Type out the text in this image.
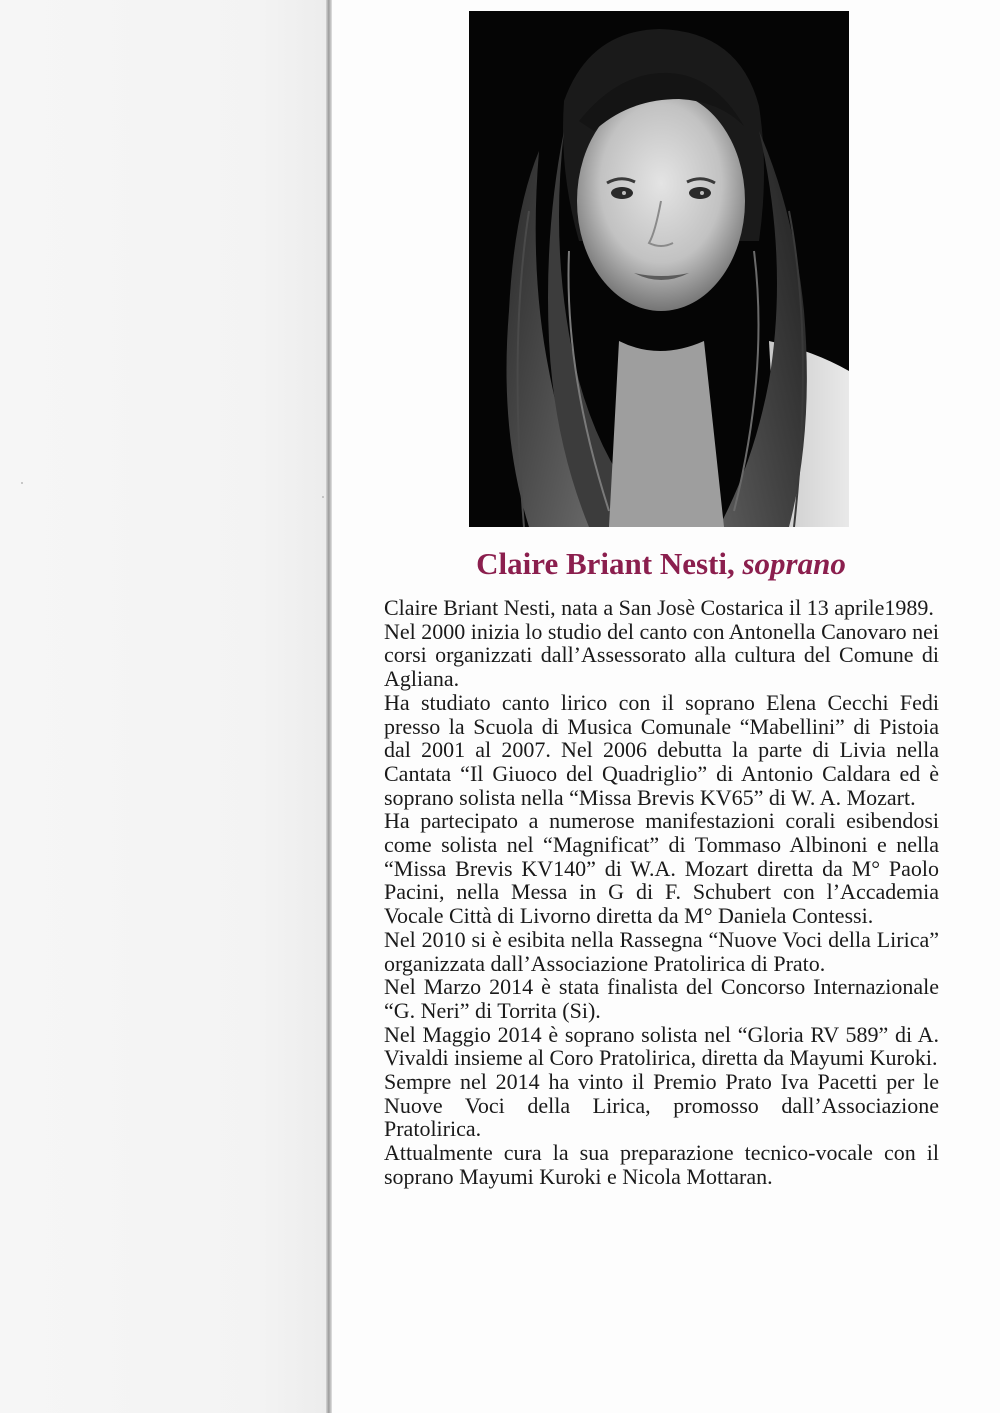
Claire Briant Nesti, soprano

Claire Briant Nesti, nata a San Josè Costarica il 13 aprile1989.

Nel 2000 inizia lo studio del canto con Antonella Canovaro nei corsi organizzati dall’Assessorato alla cultura del Comune di Agliana.

Ha studiato canto lirico con il soprano Elena Cecchi Fedi presso la Scuola di Musica Comunale “Mabellini” di Pistoia dal 2001 al 2007. Nel 2006 debutta la parte di Livia nella Cantata “Il Giuoco del Quadriglio” di Antonio Caldara ed è soprano solista nella “Missa Brevis KV65” di W. A. Mozart.

Ha partecipato a numerose manifestazioni corali esibendosi come solista nel “Magnificat” di Tommaso Albinoni e nella “Missa Brevis KV140” di W.A. Mozart diretta da M° Paolo Pacini, nella Messa in G di F. Schubert con l’Accademia Vocale Città di Livorno diretta da M° Daniela Contessi.

Nel 2010 si è esibita nella Rassegna “Nuove Voci della Lirica” organizzata dall’Associazione Pratolirica di Prato.

Nel Marzo 2014 è stata finalista del Concorso Internazionale “G. Neri” di Torrita (Si).

Nel Maggio 2014 è soprano solista nel “Gloria RV 589” di A. Vivaldi insieme al Coro Pratolirica, diretta da Mayumi Kuroki.

Sempre nel 2014 ha vinto il Premio Prato Iva Pacetti per le Nuove Voci della Lirica, promosso dall’Associazione Pratolirica.

Attualmente cura la sua preparazione tecnico-vocale con il soprano Mayumi Kuroki e Nicola Mottaran.
